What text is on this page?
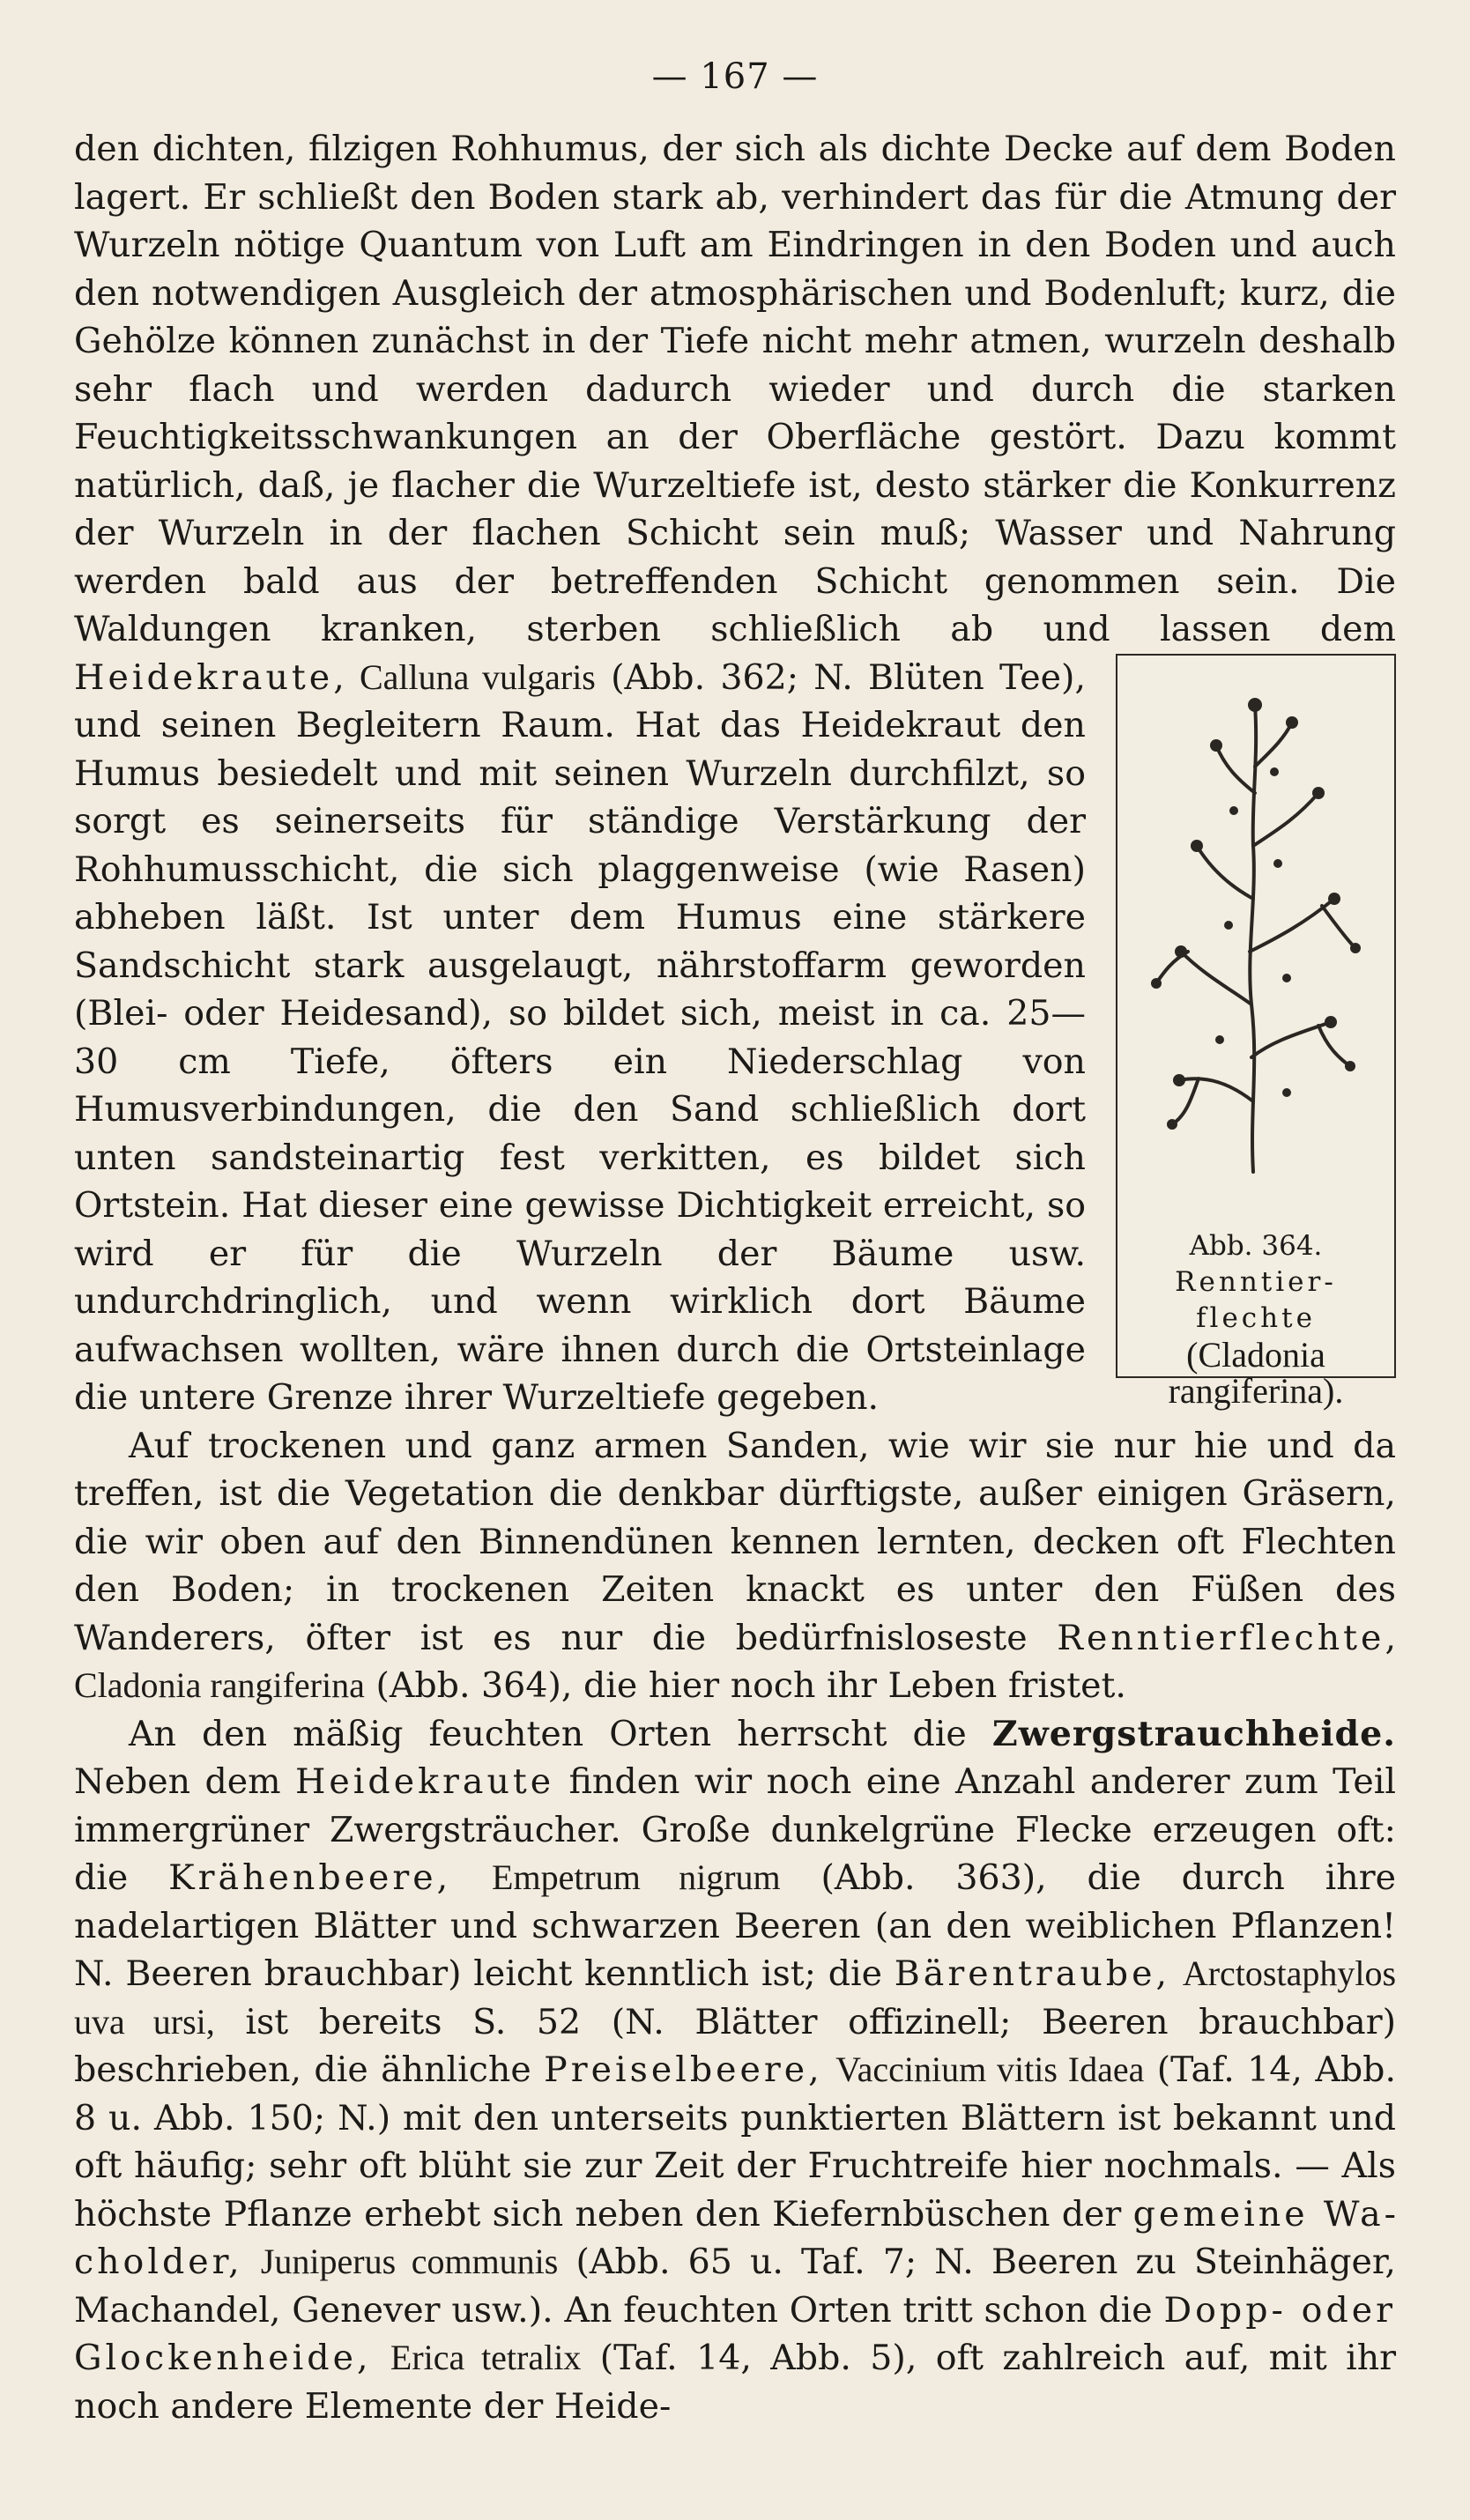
— 167 —

den dichten, filzigen Rohhumus, der sich als dichte Decke auf dem Boden lagert. Er schließt den Boden stark ab, verhindert das für die Atmung der Wurzeln nötige Quantum von Luft am Eindringen in den Boden und auch den notwendigen Ausgleich der atmosphärischen und Bodenluft; kurz, die Gehölze können zunächst in der Tiefe nicht mehr atmen, wurzeln deshalb sehr flach und werden dadurch wieder und durch die starken Feuchtigkeitsschwankungen an der Oberfläche gestört. Dazu kommt natürlich, daß, je flacher die Wurzeltiefe ist, desto stärker die Konkurrenz der Wurzeln in der flachen Schicht sein muß; Wasser und Nahrung werden bald aus der betreffenden Schicht genommen sein. Die Waldungen kranken, sterben schließlich ab und lassen dem Heidekraute, Calluna vulgaris
Abb. 364.
Renntier-
flechte
(Cladonia
rangiferina).
(Abb. 362; N. Blüten Tee), und seinen Begleitern Raum. Hat das Heidekraut den Humus besiedelt und mit seinen Wurzeln durchfilzt, so sorgt es seinerseits für ständige Verstärkung der Rohhumusschicht, die sich plaggenweise (wie Rasen) abheben läßt. Ist unter dem Humus eine stärkere Sandschicht stark ausgelaugt, nährstoffarm geworden (Blei- oder Heidesand), so bildet sich, meist in ca. 25—30 cm Tiefe, öfters ein Niederschlag von Humusverbindungen, die den Sand schließlich dort unten sandsteinartig fest verkitten, es bildet sich Ortstein. Hat dieser eine gewisse Dichtigkeit erreicht, so wird er für die Wurzeln der Bäume usw. undurchdringlich, und wenn wirklich dort Bäume aufwachsen wollten, wäre ihnen durch die Ortsteinlage die untere Grenze ihrer Wurzeltiefe gegeben.

Auf trockenen und ganz armen Sanden, wie wir sie nur hie und da treffen, ist die Vegetation die denkbar dürftigste, außer einigen Gräsern, die wir oben auf den Binnendünen kennen lernten, decken oft Flechten den Boden; in trockenen Zeiten knackt es unter den Füßen des Wanderers, öfter ist es nur die bedürfnisloseste Renntierflechte, Cladonia rangiferina (Abb. 364), die hier noch ihr Leben fristet.

An den mäßig feuchten Orten herrscht die Zwergstrauchheide. Neben dem Heidekraute finden wir noch eine Anzahl anderer zum Teil immergrüner Zwergsträucher. Große dunkelgrüne Flecke erzeugen oft: die Krähenbeere, Empetrum nigrum (Abb. 363), die durch ihre nadelartigen Blätter und schwarzen Beeren (an den weiblichen Pflanzen! N. Beeren brauchbar) leicht kenntlich ist; die Bärentraube, Arctostaphylos uva ursi, ist bereits S. 52 (N. Blätter offizinell; Beeren brauchbar) beschrieben, die ähnliche Preiselbeere, Vaccinium vitis Idaea (Taf. 14, Abb. 8 u. Abb. 150; N.) mit den unterseits punktierten Blättern ist bekannt und oft häufig; sehr oft blüht sie zur Zeit der Fruchtreife hier nochmals. — Als höchste Pflanze erhebt sich neben den Kiefernbüschen der gemeine Wacholder, Juniperus communis (Abb. 65 u. Taf. 7; N. Beeren zu Steinhäger, Machandel, Genever usw.). An feuchten Orten tritt schon die Dopp- oder Glockenheide, Erica tetralix (Taf. 14, Abb. 5), oft zahlreich auf, mit ihr noch andere Elemente der Heide-
